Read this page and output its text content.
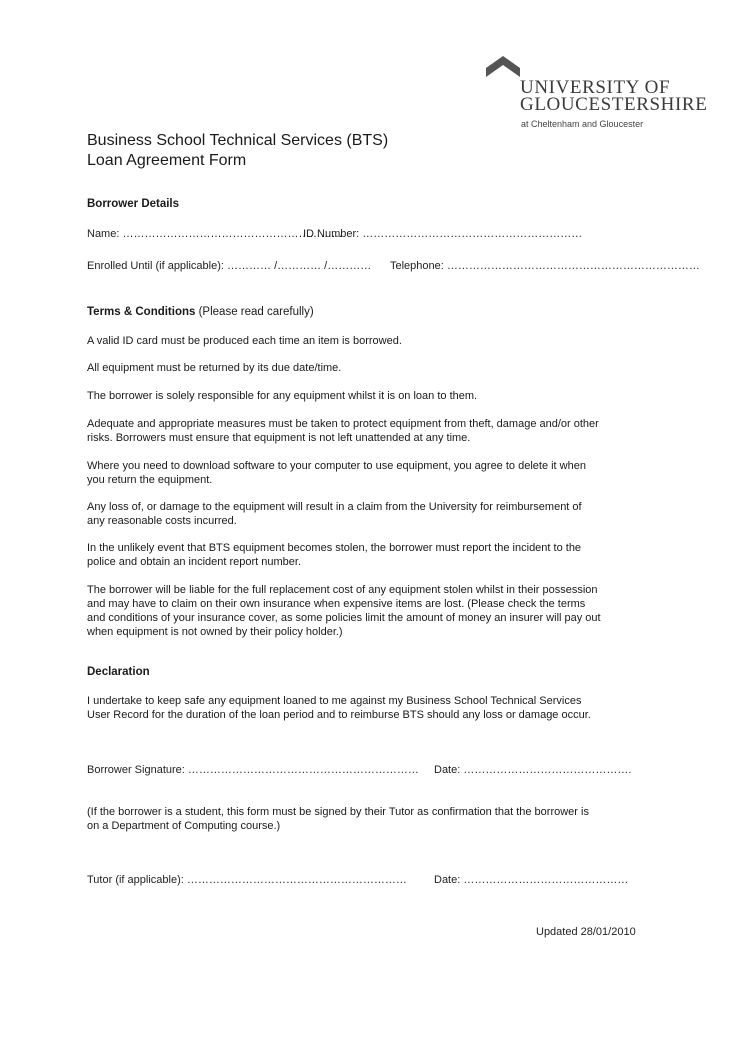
UNIVERSITY OF
GLOUCESTERSHIRE
at Cheltenham and Gloucester
Business School Technical Services (BTS)
Loan Agreement Form
Borrower Details
Name: ……………………………………………………
ID Number: ……………………………………………………
Enrolled Until (if applicable): ………… /………… /………… Telephone: ……………………………………………………………
Terms & Conditions (Please read carefully)
A valid ID card must be produced each time an item is borrowed.
All equipment must be returned by its due date/time.
The borrower is solely responsible for any equipment whilst it is on loan to them.
Adequate and appropriate measures must be taken to protect equipment from theft, damage and/or other
risks. Borrowers must ensure that equipment is not left unattended at any time.
Where you need to download software to your computer to use equipment, you agree to delete it when
you return the equipment.
Any loss of, or damage to the equipment will result in a claim from the University for reimbursement of
any reasonable costs incurred.
In the unlikely event that BTS equipment becomes stolen, the borrower must report the incident to the
police and obtain an incident report number.
The borrower will be liable for the full replacement cost of any equipment stolen whilst in their possession
and may have to claim on their own insurance when expensive items are lost. (Please check the terms
and conditions of your insurance cover, as some policies limit the amount of money an insurer will pay out
when equipment is not owned by their policy holder.)
Declaration
I undertake to keep safe any equipment loaned to me against my Business School Technical Services
User Record for the duration of the loan period and to reimburse BTS should any loss or damage occur.
Borrower Signature: ……………………………………………………… Date: ……………………………………….
(If the borrower is a student, this form must be signed by their Tutor as confirmation that the borrower is
on a Department of Computing course.)
Tutor (if applicable): …………………………………………………… Date: ………………………………………
Updated 28/01/2010
